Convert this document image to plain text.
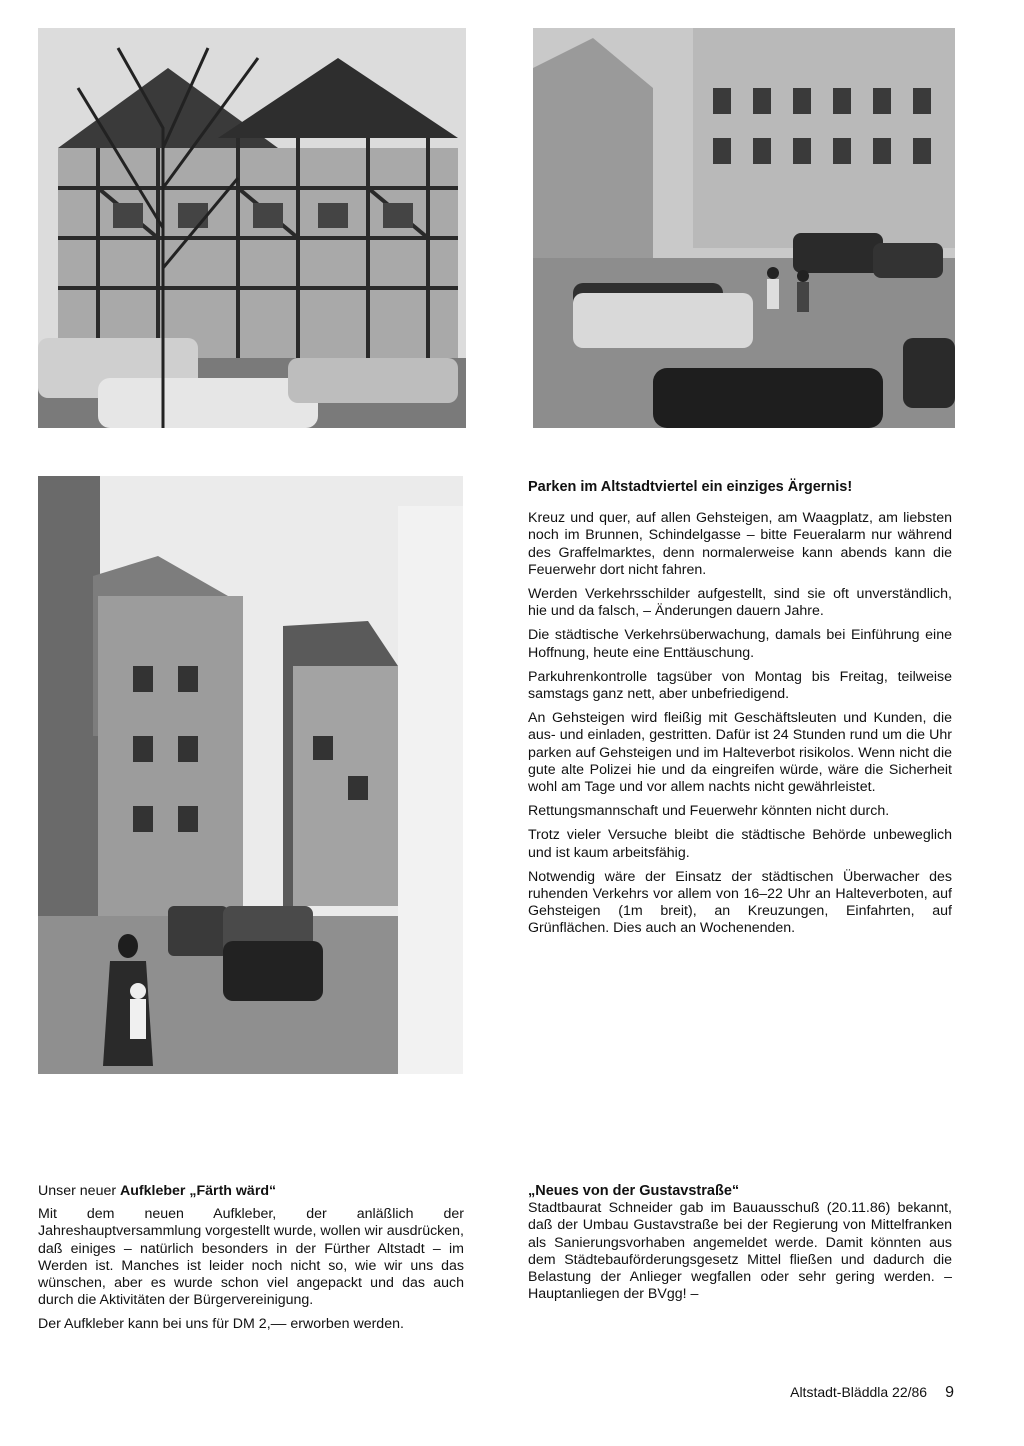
Parken im Altstadtviertel ein einziges Ärgernis!

Kreuz und quer, auf allen Gehsteigen, am Waagplatz, am liebsten noch im Brunnen, Schindelgasse – bitte Feueralarm nur während des Graffelmarktes, denn normalerweise kann abends kann die Feuerwehr dort nicht fahren.

Werden Verkehrsschilder aufgestellt, sind sie oft unverständlich, hie und da falsch, – Änderungen dauern Jahre.

Die städtische Verkehrsüberwachung, damals bei Einführung eine Hoffnung, heute eine Enttäuschung.

Parkuhrenkontrolle tagsüber von Montag bis Freitag, teilweise samstags ganz nett, aber unbefriedigend.

An Gehsteigen wird fleißig mit Geschäftsleuten und Kunden, die aus- und einladen, gestritten. Dafür ist 24 Stunden rund um die Uhr parken auf Gehsteigen und im Halteverbot risikolos. Wenn nicht die gute alte Polizei hie und da eingreifen würde, wäre die Sicherheit wohl am Tage und vor allem nachts nicht gewährleistet.

Rettungsmannschaft und Feuerwehr könnten nicht durch.

Trotz vieler Versuche bleibt die städtische Behörde unbeweglich und ist kaum arbeitsfähig.

Notwendig wäre der Einsatz der städtischen Überwacher des ruhenden Verkehrs vor allem von 16–22 Uhr an Halteverboten, auf Gehsteigen (1m breit), an Kreuzungen, Einfahrten, auf Grünflächen. Dies auch an Wochenenden.

Unser neuer Aufkleber „Färth wärd“

Mit dem neuen Aufkleber, der anläßlich der Jahreshauptversammlung vorgestellt wurde, wollen wir ausdrücken, daß einiges – natürlich besonders in der Fürther Altstadt – im Werden ist. Manches ist leider noch nicht so, wie wir uns das wünschen, aber es wurde schon viel angepackt und das auch durch die Aktivitäten der Bürgervereinigung.

Der Aufkleber kann bei uns für DM 2,–– erworben werden.

„Neues von der Gustavstraße“

Stadtbaurat Schneider gab im Bauausschuß (20.11.86) bekannt, daß der Umbau Gustavstraße bei der Regierung von Mittelfranken als Sanierungsvorhaben angemeldet werde. Damit könnten aus dem Städtebauförderungsgesetz Mittel fließen und dadurch die Belastung der Anlieger wegfallen oder sehr gering werden. – Hauptanliegen der BVgg! –

Altstadt-Bläddla 22/86 9
